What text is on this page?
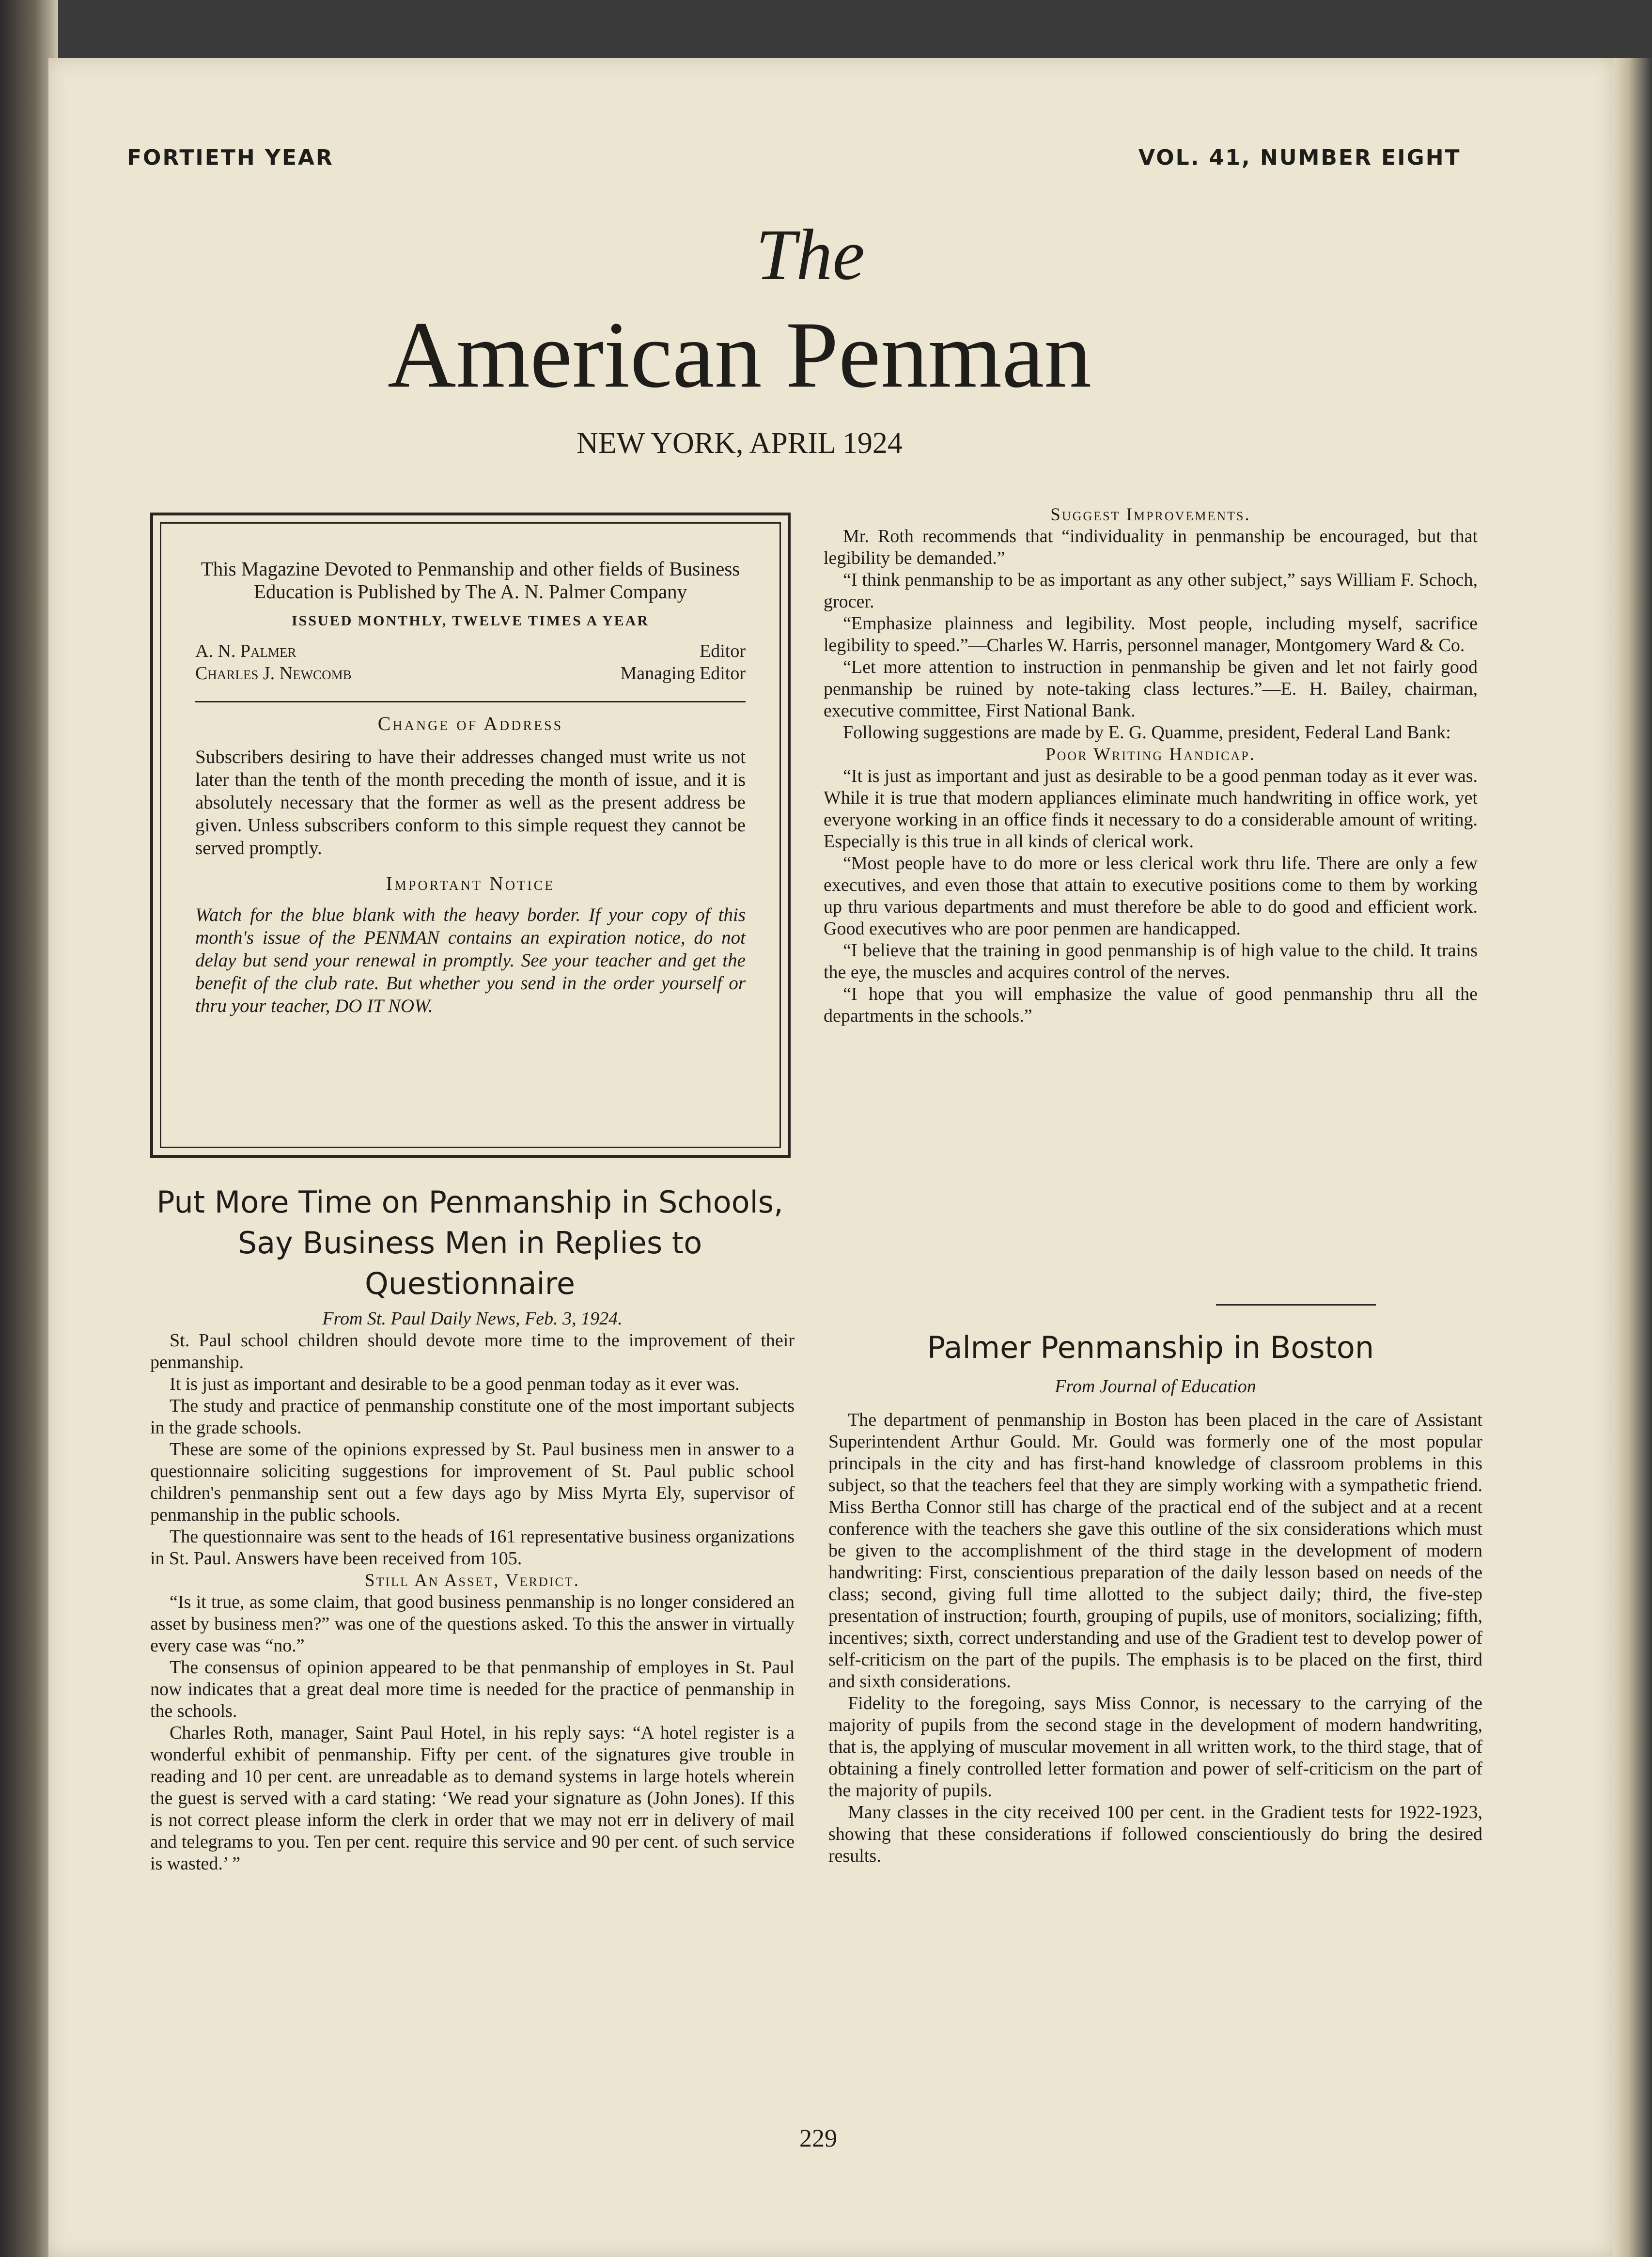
FORTIETH YEAR	VOL. 41, NUMBER EIGHT
The
American Penman
NEW YORK, APRIL 1924
This Magazine Devoted to Penmanship and other fields of Business Education is Published by The A. N. Palmer Company
ISSUED MONTHLY, TWELVE TIMES A YEAR
A. N. Palmer	Editor
Charles J. Newcomb	Managing Editor
Change of Address
Subscribers desiring to have their addresses changed must write us not later than the tenth of the month preceding the month of issue, and it is absolutely necessary that the former as well as the present address be given. Unless subscribers conform to this simple request they cannot be served promptly.
Important Notice
Watch for the blue blank with the heavy border. If your copy of this month's issue of the PENMAN contains an expiration notice, do not delay but send your renewal in promptly. See your teacher and get the benefit of the club rate. But whether you send in the order yourself or thru your teacher, DO IT NOW.
Put More Time on Penmanship in Schools, Say Business Men in Replies to Questionnaire

From St. Paul Daily News, Feb. 3, 1924.

St. Paul school children should devote more time to the improvement of their penmanship.

It is just as important and desirable to be a good penman today as it ever was.

The study and practice of penmanship constitute one of the most important subjects in the grade schools.

These are some of the opinions expressed by St. Paul business men in answer to a questionnaire soliciting suggestions for improvement of St. Paul public school children's penmanship sent out a few days ago by Miss Myrta Ely, supervisor of penmanship in the public schools.

The questionnaire was sent to the heads of 161 representative business organizations in St. Paul. Answers have been received from 105.

Still An Asset, Verdict.

“Is it true, as some claim, that good business penmanship is no longer considered an asset by business men?” was one of the questions asked. To this the answer in virtually every case was “no.”

The consensus of opinion appeared to be that penmanship of employes in St. Paul now indicates that a great deal more time is needed for the practice of penmanship in the schools.

Charles Roth, manager, Saint Paul Hotel, in his reply says: “A hotel register is a wonderful exhibit of penmanship. Fifty per cent. of the signatures give trouble in reading and 10 per cent. are unreadable as to demand systems in large hotels wherein the guest is served with a card stating: ‘We read your signature as (John Jones). If this is not correct please inform the clerk in order that we may not err in delivery of mail and telegrams to you. Ten per cent. require this service and 90 per cent. of such service is wasted.’ ”

Suggest Improvements.

Mr. Roth recommends that “individuality in penmanship be encouraged, but that legibility be demanded.”

“I think penmanship to be as important as any other subject,” says William F. Schoch, grocer.

“Emphasize plainness and legibility. Most people, including myself, sacrifice legibility to speed.”—Charles W. Harris, personnel manager, Montgomery Ward & Co.

“Let more attention to instruction in penmanship be given and let not fairly good penmanship be ruined by note-taking class lectures.”—E. H. Bailey, chairman, executive committee, First National Bank.

Following suggestions are made by E. G. Quamme, president, Federal Land Bank:

Poor Writing Handicap.

“It is just as important and just as desirable to be a good penman today as it ever was. While it is true that modern appliances eliminate much handwriting in office work, yet everyone working in an office finds it necessary to do a considerable amount of writing. Especially is this true in all kinds of clerical work.

“Most people have to do more or less clerical work thru life. There are only a few executives, and even those that attain to executive positions come to them by working up thru various departments and must therefore be able to do good and efficient work. Good executives who are poor penmen are handicapped.

“I believe that the training in good penmanship is of high value to the child. It trains the eye, the muscles and acquires control of the nerves.

“I hope that you will emphasize the value of good penmanship thru all the departments in the schools.”

Palmer Penmanship in Boston

From Journal of Education

The department of penmanship in Boston has been placed in the care of Assistant Superintendent Arthur Gould. Mr. Gould was formerly one of the most popular principals in the city and has first-hand knowledge of classroom problems in this subject, so that the teachers feel that they are simply working with a sympathetic friend. Miss Bertha Connor still has charge of the practical end of the subject and at a recent conference with the teachers she gave this outline of the six considerations which must be given to the accomplishment of the third stage in the development of modern handwriting: First, conscientious preparation of the daily lesson based on needs of the class; second, giving full time allotted to the subject daily; third, the five-step presentation of instruction; fourth, grouping of pupils, use of monitors, socializing; fifth, incentives; sixth, correct understanding and use of the Gradient test to develop power of self-criticism on the part of the pupils. The emphasis is to be placed on the first, third and sixth considerations.

Fidelity to the foregoing, says Miss Connor, is necessary to the carrying of the majority of pupils from the second stage in the development of modern handwriting, that is, the applying of muscular movement in all written work, to the third stage, that of obtaining a finely controlled letter formation and power of self-criticism on the part of the majority of pupils.

Many classes in the city received 100 per cent. in the Gradient tests for 1922-1923, showing that these considerations if followed conscientiously do bring the desired results.

229
